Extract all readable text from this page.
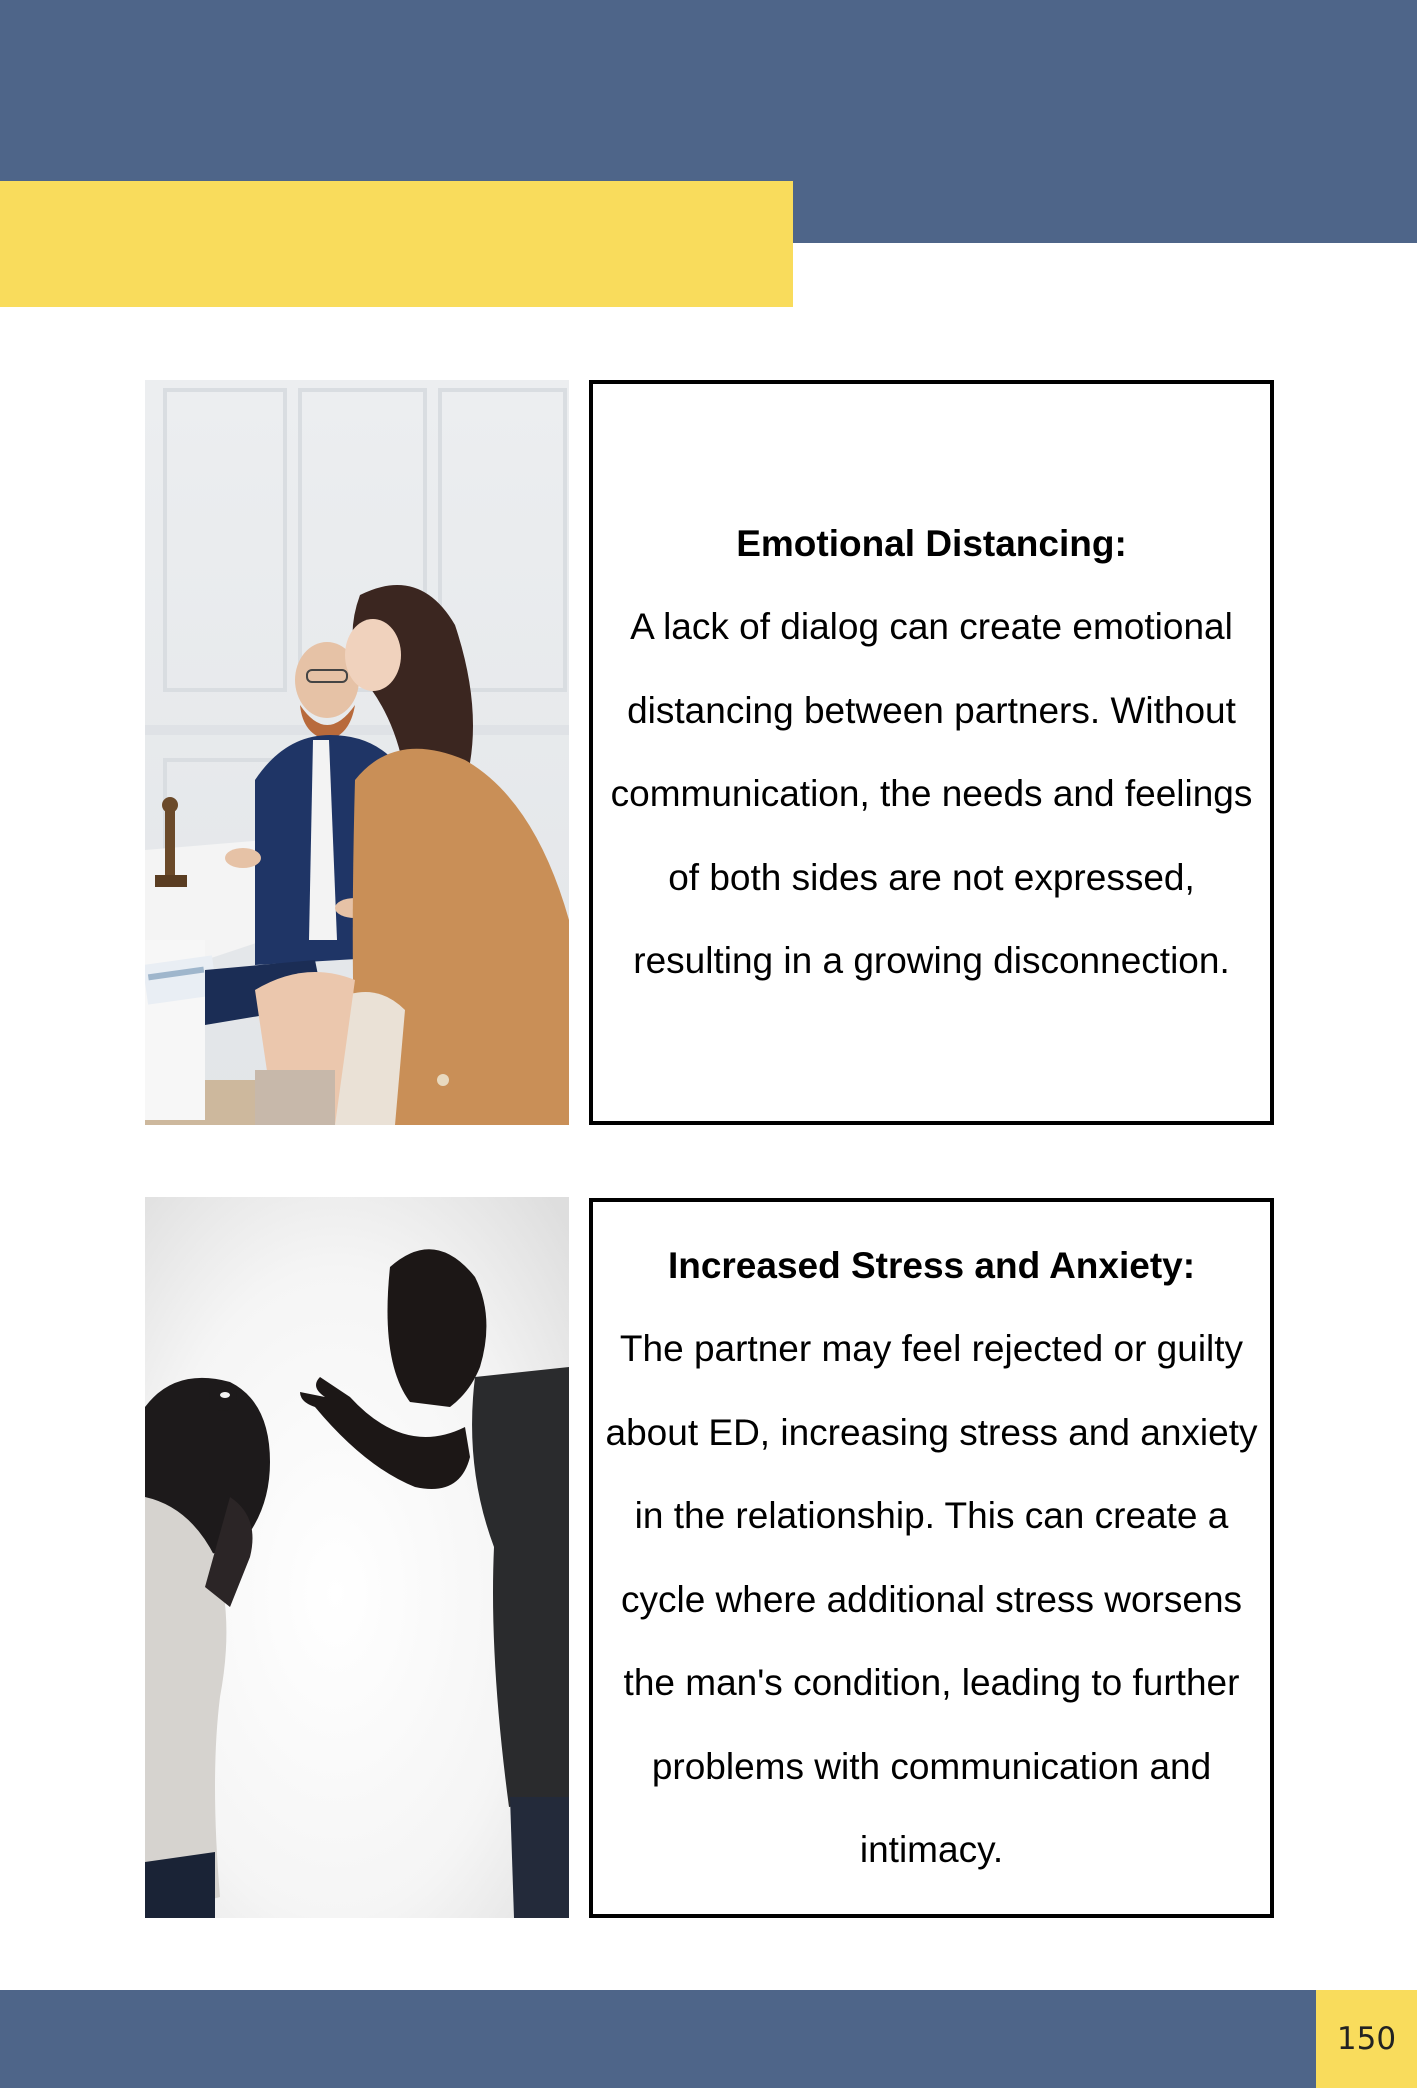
Emotional Distancing:
A lack of dialog can create emotional distancing between partners. Without communication, the needs and feelings of both sides are not expressed, resulting in a growing disconnection.
Increased Stress and Anxiety:
The partner may feel rejected or guilty about ED, increasing stress and anxiety in the relationship. This can create a cycle where additional stress worsens the man's condition, leading to further problems with communication and intimacy.
150
